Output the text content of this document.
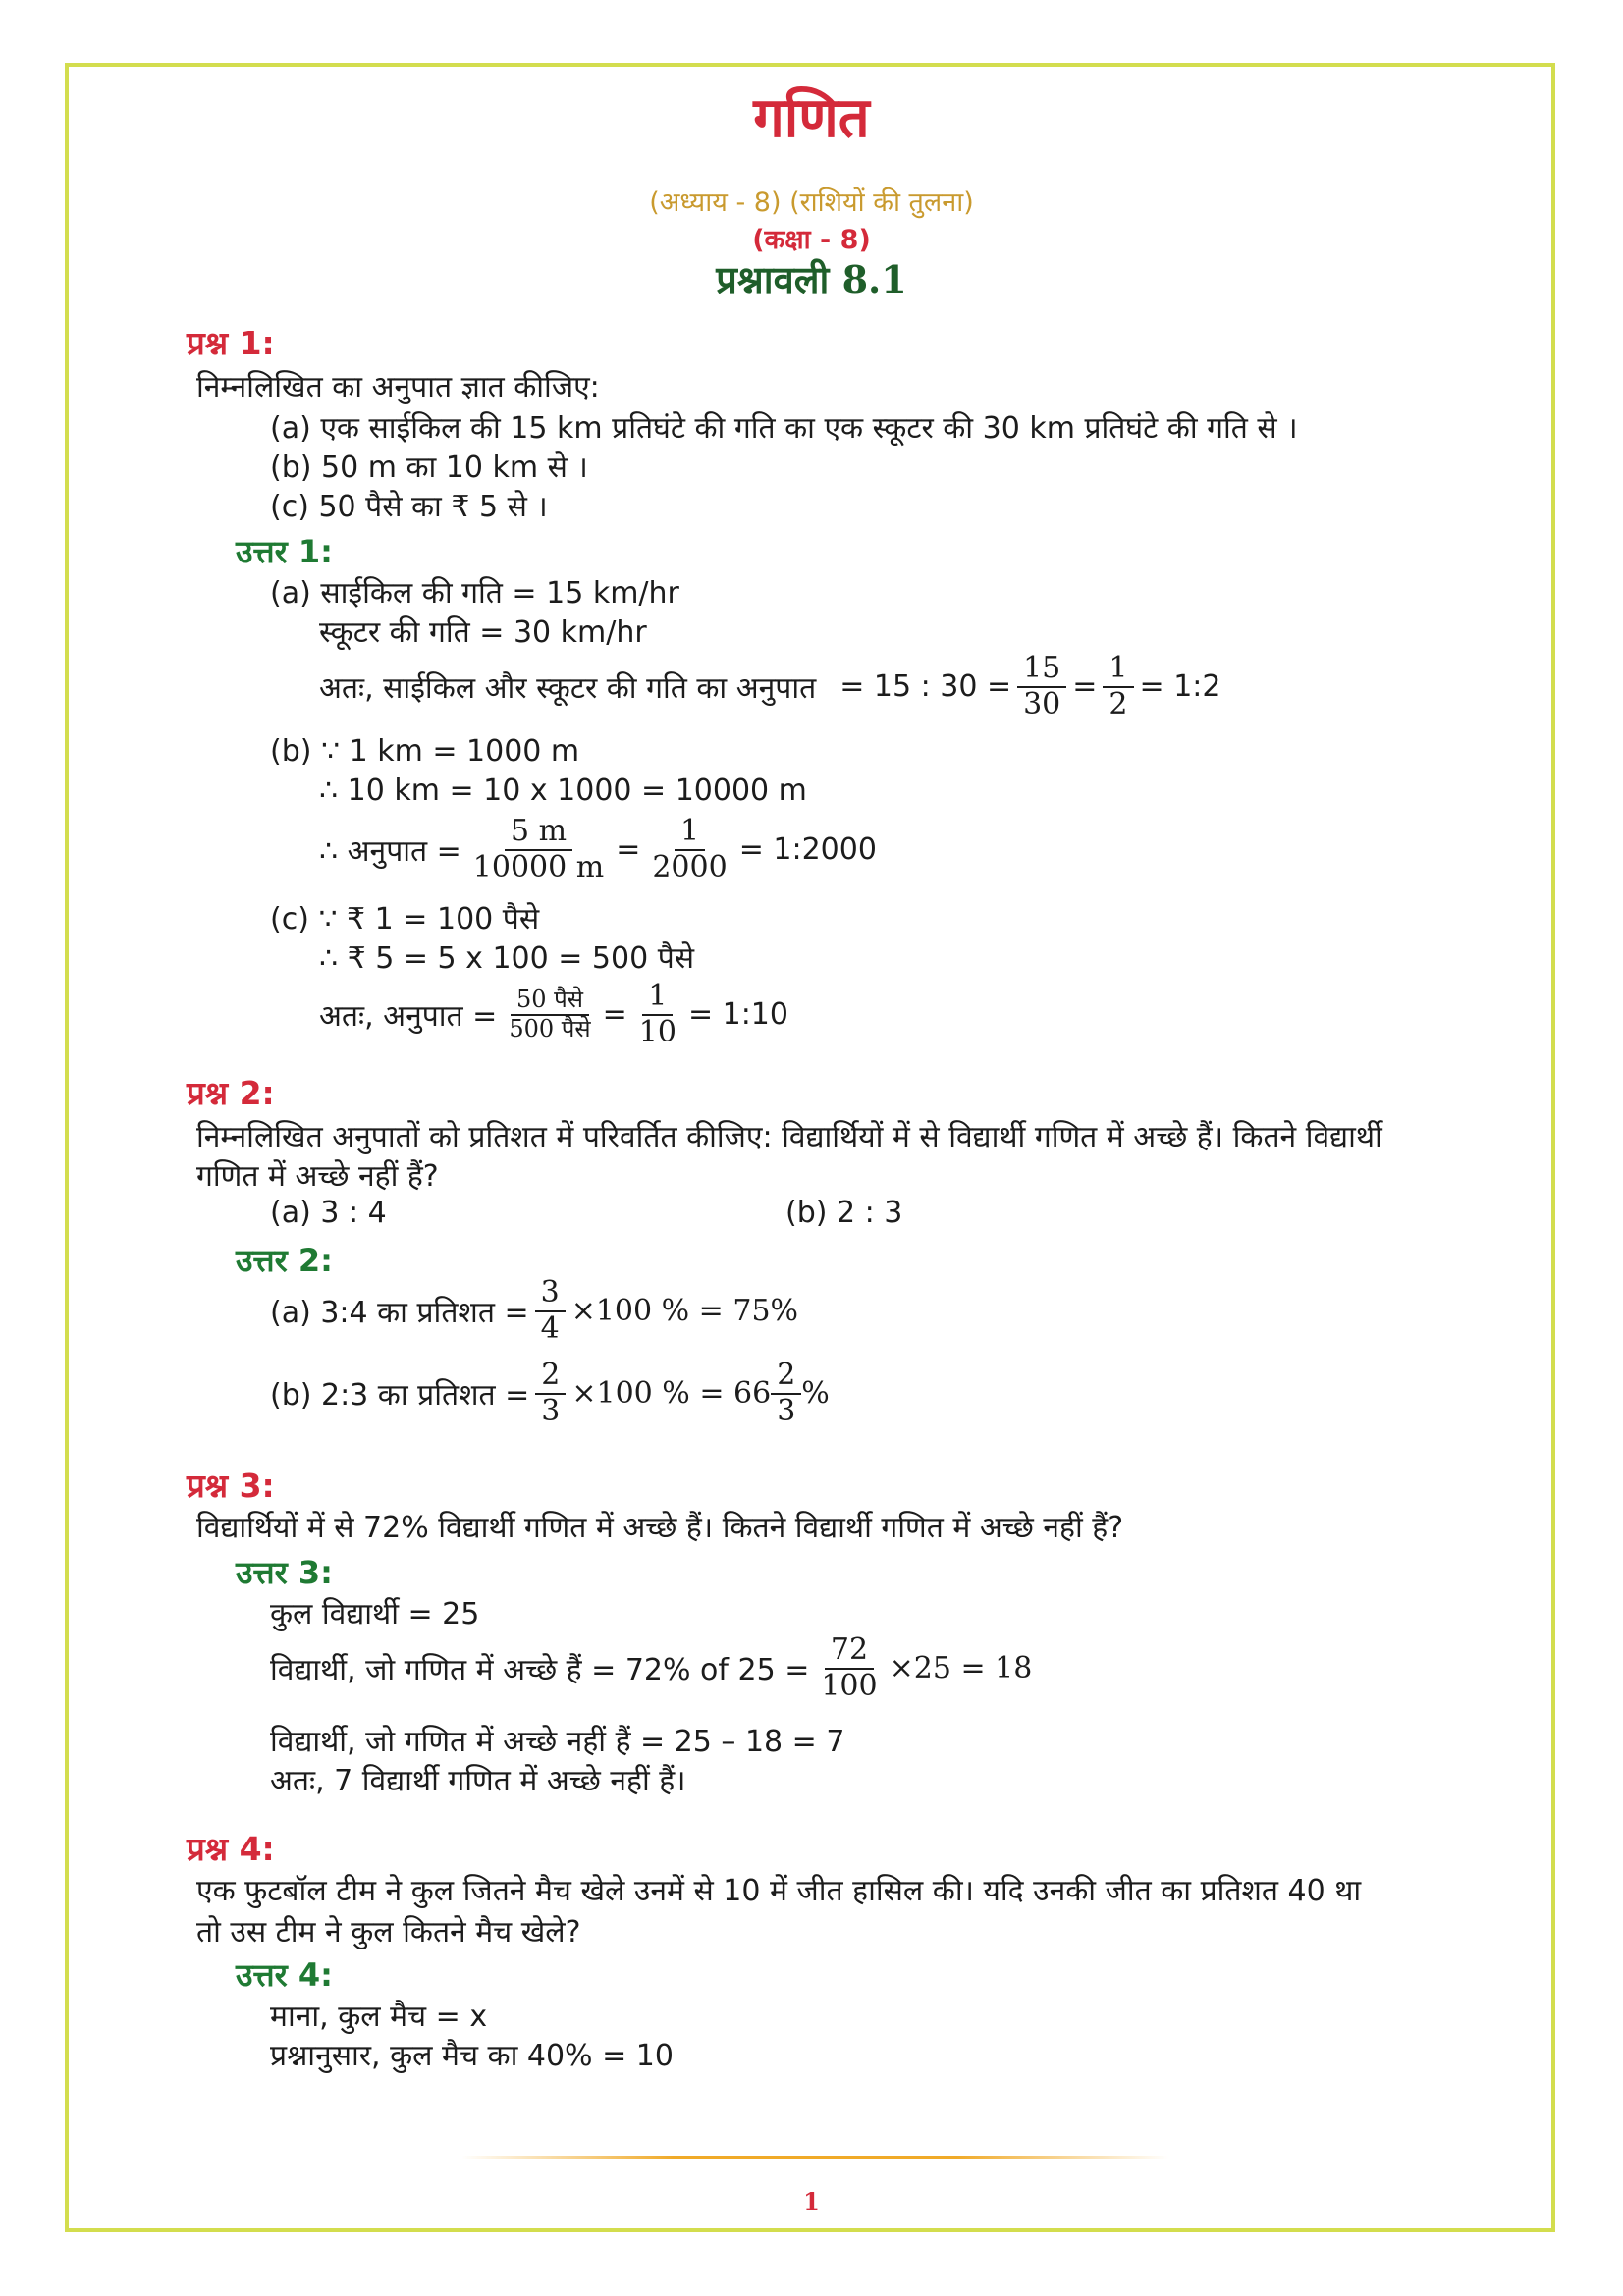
गणित
(अध्याय - 8) (राशियों की तुलना)
(कक्षा - 8)
प्रश्नावली 8.1
प्रश्न 1:
निम्नलिखित का अनुपात ज्ञात कीजिए:
(a) एक साईकिल की 15 km प्रतिघंटे की गति का एक स्कूटर की 30 km प्रतिघंटे की गति से ।
(b) 50 m का 10 km से ।
(c) 50 पैसे का ₹ 5 से ।
उत्तर 1:
(a) साईकिल की गति = 15 km/hr
स्कूटर की गति = 30 km/hr
अतः, साईकिल और स्कूटर की गति का अनुपात = 15 : $30 = \frac{15}{30} = \frac{1}{2}$ = 1:2
(b) ∵ 1 km = 1000 m
∴ 10 km = 10 x 1000 = 10000 m
∴ अनुपात = $\frac{5 m}{10000 m} = \frac{1}{2000}$ = 1:2000
(c) ∵ ₹ 1 = 100 पैसे
∴ ₹ 5 = 5 x 100 = 500 पैसे
अतः, अनुपात = $\frac{\text{50 पैसे}}{\text{500 पैसे}} = \frac{1}{10}$ = 1:10
प्रश्न 2:
निम्नलिखित अनुपातों को प्रतिशत में परिवर्तित कीजिए: विद्यार्थियों में से विद्यार्थी गणित में अच्छे हैं। कितने विद्यार्थी
गणित में अच्छे नहीं हैं?
(a) 3 : 4	(b) 2 : 3
उत्तर 2:
(a) 3:4 का प्रतिशत = $\frac{3}{4} \times 100$ % = 75%
(b) 2:3 का प्रतिशत = $\frac{2}{3} \times 100$ % = $66 \frac{2}{3}$ %
प्रश्न 3:
विद्यार्थियों में से 72% विद्यार्थी गणित में अच्छे हैं। कितने विद्यार्थी गणित में अच्छे नहीं हैं?
उत्तर 3:
कुल विद्यार्थी = 25
विद्यार्थी, जो गणित में अच्छे हैं = 72% of $25 = \frac{72}{100} \times 25 = 18$
विद्यार्थी, जो गणित में अच्छे नहीं हैं = 25 – 18 = 7
अतः, 7 विद्यार्थी गणित में अच्छे नहीं हैं।
प्रश्न 4:
एक फुटबॉल टीम ने कुल जितने मैच खेले उनमें से 10 में जीत हासिल की। यदि उनकी जीत का प्रतिशत 40 था
तो उस टीम ने कुल कितने मैच खेले?
उत्तर 4:
माना, कुल मैच = x
प्रश्नानुसार, कुल मैच का 40% = 10
1
